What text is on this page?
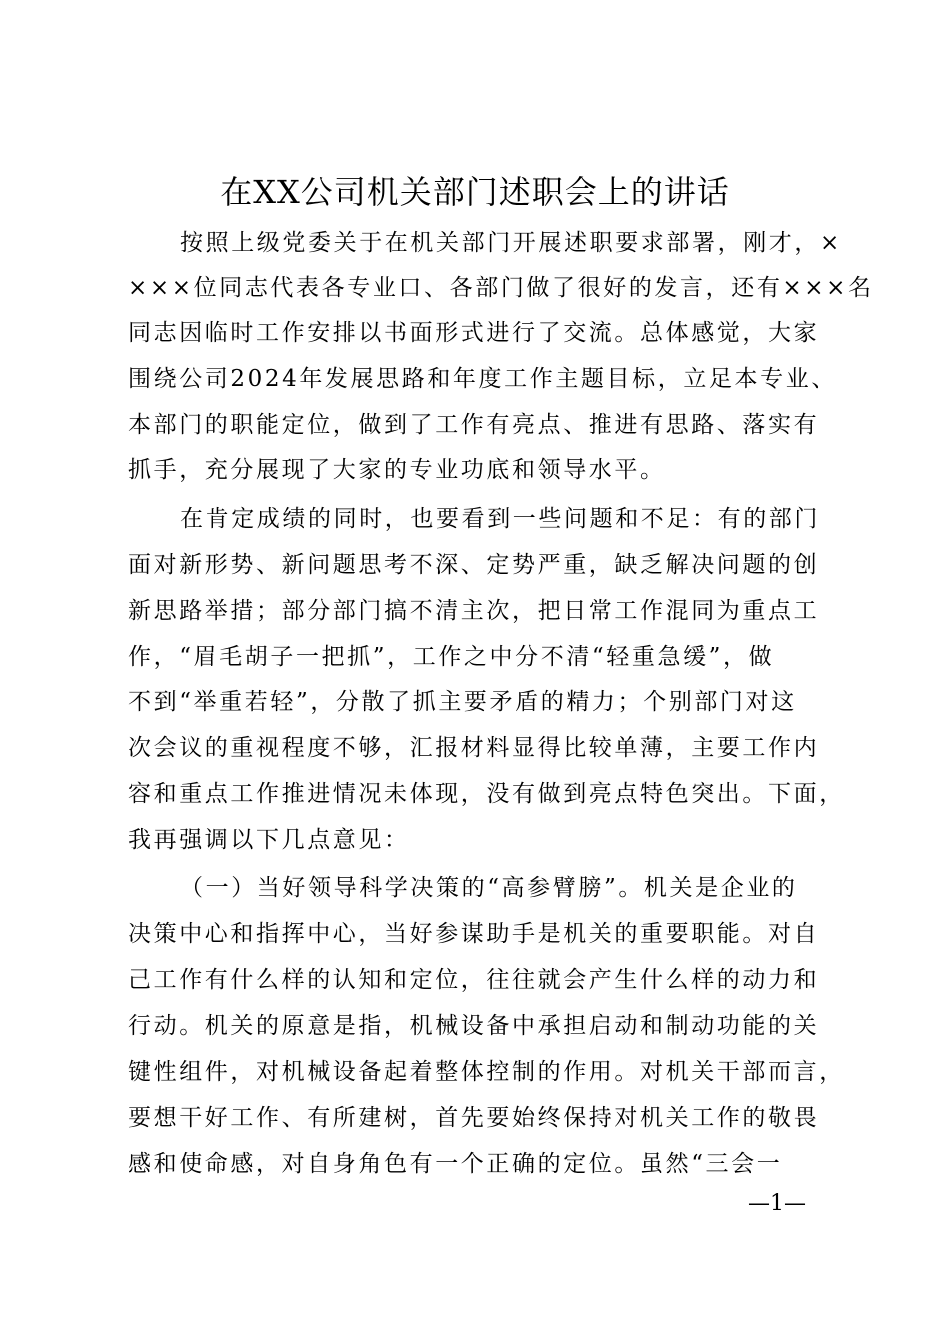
在XX公司机关部门述职会上的讲话
按照上级党委关于在机关部门开展述职要求部署，刚才，×
×××位同志代表各专业口、各部门做了很好的发言，还有×××名
同志因临时工作安排以书面形式进行了交流。总体感觉，大家
围绕公司2024年发展思路和年度工作主题目标，立足本专业、
本部门的职能定位，做到了工作有亮点、推进有思路、落实有
抓手，充分展现了大家的专业功底和领导水平。
在肯定成绩的同时，也要看到一些问题和不足：有的部门
面对新形势、新问题思考不深、定势严重，缺乏解决问题的创
新思路举措；部分部门搞不清主次，把日常工作混同为重点工
作，“眉毛胡子一把抓”，工作之中分不清“轻重急缓”，做
不到“举重若轻”，分散了抓主要矛盾的精力；个别部门对这
次会议的重视程度不够，汇报材料显得比较单薄，主要工作内
容和重点工作推进情况未体现，没有做到亮点特色突出。下面，
我再强调以下几点意见：
（一）当好领导科学决策的“高参臂膀”。机关是企业的
决策中心和指挥中心，当好参谋助手是机关的重要职能。对自
己工作有什么样的认知和定位，往往就会产生什么样的动力和
行动。机关的原意是指，机械设备中承担启动和制动功能的关
键性组件，对机械设备起着整体控制的作用。对机关干部而言，
要想干好工作、有所建树，首先要始终保持对机关工作的敬畏
感和使命感，对自身角色有一个正确的定位。虽然“三会一
—1—
